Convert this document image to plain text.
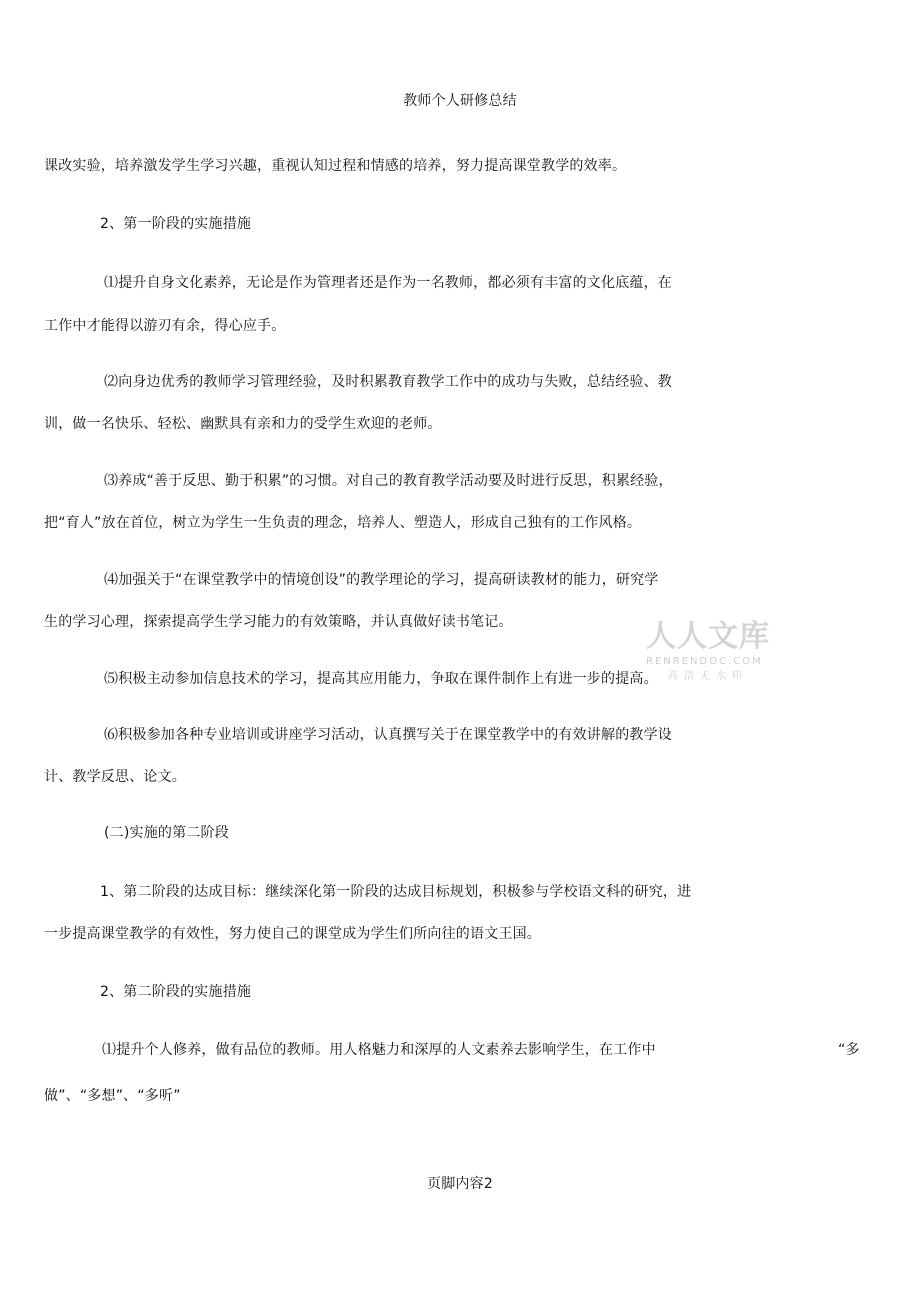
教师个人研修总结
课改实验，培养激发学生学习兴趣，重视认知过程和情感的培养，努力提高课堂教学的效率。
2、第一阶段的实施措施
⑴提升自身文化素养，无论是作为管理者还是作为一名教师，都必须有丰富的文化底蕴，在
工作中才能得以游刃有余，得心应手。
⑵向身边优秀的教师学习管理经验，及时积累教育教学工作中的成功与失败，总结经验、教
训，做一名快乐、轻松、幽默具有亲和力的受学生欢迎的老师。
⑶养成“善于反思、勤于积累”的习惯。对自己的教育教学活动要及时进行反思，积累经验，
把“育人”放在首位，树立为学生一生负责的理念，培养人、塑造人，形成自己独有的工作风格。
⑷加强关于“在课堂教学中的情境创设”的教学理论的学习，提高研读教材的能力，研究学
生的学习心理，探索提高学生学习能力的有效策略，并认真做好读书笔记。
⑸积极主动参加信息技术的学习，提高其应用能力，争取在课件制作上有进一步的提高。
⑹积极参加各种专业培训或讲座学习活动，认真撰写关于在课堂教学中的有效讲解的教学设
计、教学反思、论文。
(二)实施的第二阶段
1、第二阶段的达成目标：继续深化第一阶段的达成目标规划，积极参与学校语文科的研究，进
一步提高课堂教学的有效性，努力使自己的课堂成为学生们所向往的语文王国。
2、第二阶段的实施措施
⑴提升个人修养，做有品位的教师。用人格魅力和深厚的人文素养去影响学生，在工作中	“多
做”、“多想”、“多听”
人人文库
RENRENDOC.COM
高清无水印
页脚内容2
